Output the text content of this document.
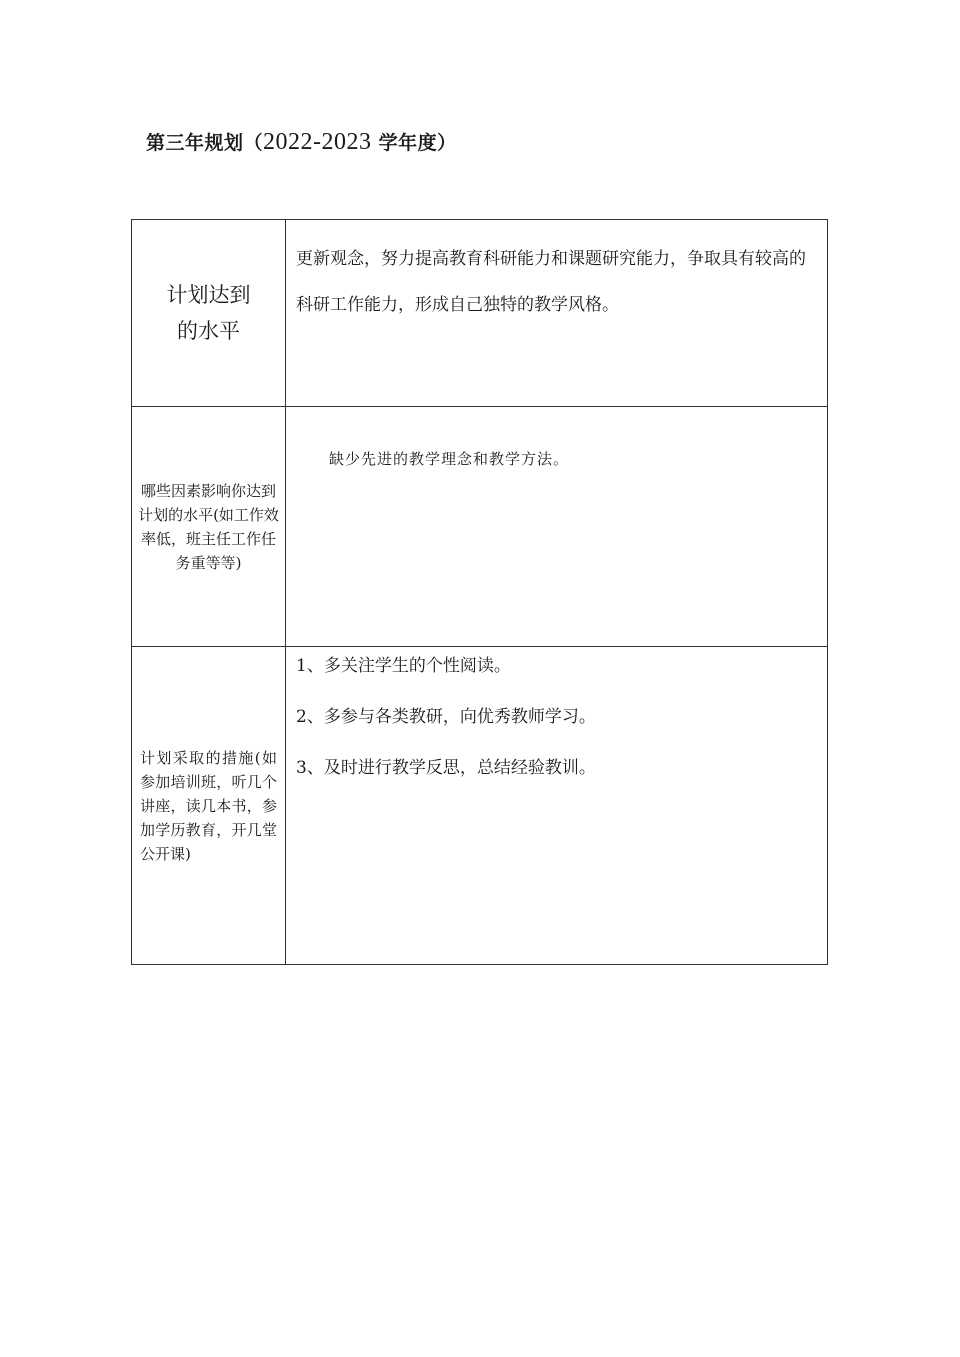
第三年规划（2022-2023 学年度）
计划达到
的水平	更新观念，努力提高教育科研能力和课题研究能力，争取具有较高的科研工作能力，形成自己独特的教学风格。

哪些因素影响你达到计划的水平(如工作效率低，班主任工作任务重等等)	缺少先进的教学理念和教学方法。

计划采取的措施(如参加培训班，听几个讲座，读几本书，参加学历教育，开几堂公开课)	1、多关注学生的个性阅读。

2、多参与各类教研，向优秀教师学习。

3、及时进行教学反思，总结经验教训。
